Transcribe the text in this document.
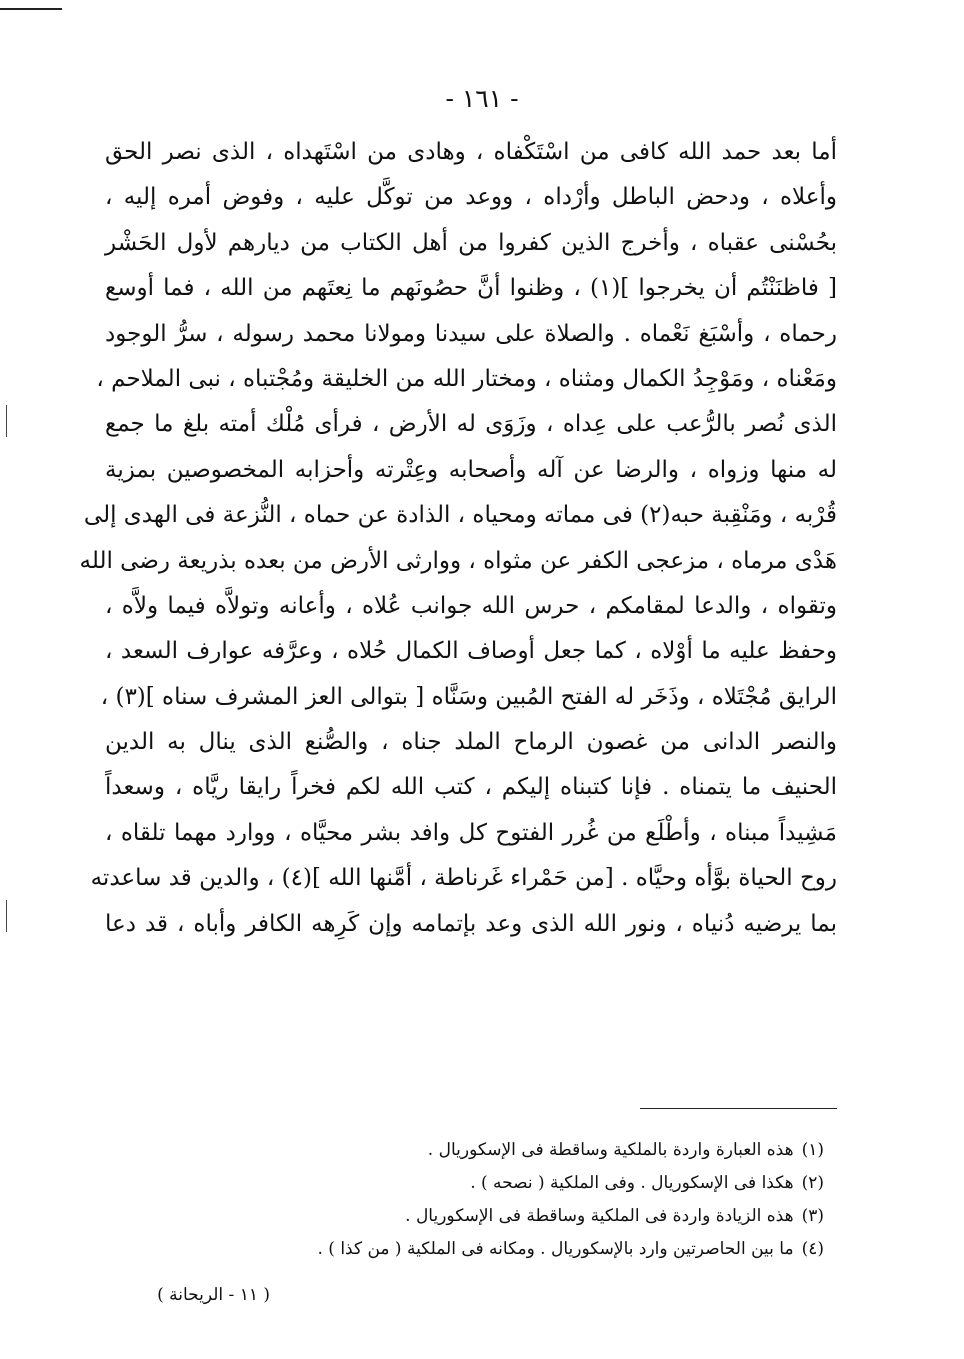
- ١٦١ -
أما بعد حمد الله كافى من اسْتَكْفاه ، وهادى من اسْتَهداه ، الذى نصر الحق
وأعلاه ، ودحض الباطل وأرْداه ، ووعد من توكَّل عليه ، وفوض أمره إليه ،
بحُسْنى عقباه ، وأخرج الذين كفروا من أهل الكتاب من ديارهم لأول الحَشْر
[ فاظنَنْتُم أن يخرجوا ](١) ، وظنوا أنَّ حصُونَهم ما نِعتَهم من الله ، فما أوسع
رحماه ، وأسْبَغ نَعْماه . والصلاة على سيدنا ومولانا محمد رسوله ، سرُّ الوجود
ومَعْناه ، ومَوْجِدُ الكمال ومثناه ، ومختار الله من الخليقة ومُجْتباه ، نبى الملاحم ،
الذى نُصر بالرُّعب على عِداه ، وزَوَى له الأرض ، فرأى مُلْك أمته بلغ ما جمع
له منها وزواه ، والرضا عن آله وأصحابه وعِتْرته وأحزابه المخصوصين بمزية
قُرْبه ، ومَنْقِبة حبه(٢) فى مماته ومحياه ، الذادة عن حماه ، النُّزعة فى الهدى إلى
هَدْى مرماه ، مزعجى الكفر عن مثواه ، ووارثى الأرض من بعده بذريعة رضى الله
وتقواه ، والدعا لمقامكم ، حرس الله جوانب عُلاه ، وأعانه وتولاَّه فيما ولاَّه ،
وحفظ عليه ما أوْلاه ، كما جعل أوصاف الكمال حُلاه ، وعرَّفه عوارف السعد ،
الرايق مُجْتَلاه ، وذَخَر له الفتح المُبين وسَنَّاه [ بتوالى العز المشرف سناه ](٣) ،
والنصر الدانى من غصون الرماح الملد جناه ، والصُّنع الذى ينال به الدين
الحنيف ما يتمناه . فإنا كتبناه إليكم ، كتب الله لكم فخراً رايقا ريَّاه ، وسعداً
مَشِيداً مبناه ، وأطْلَع من غُرر الفتوح كل وافد بشر محيَّاه ، ووارد مهما تلقاه ،
روح الحياة بوَّأه وحيَّاه . [من حَمْراء غَرناطة ، أمَّنها الله ](٤) ، والدين قد ساعدته
بما يرضيه دُنياه ، ونور الله الذى وعد بإتمامه وإن كَرِهه الكافر وأباه ، قد دعا
(١)هذه العبارة واردة بالملكية وساقطة فى الإسكوريال .
(٢)هكذا فى الإسكوريال . وفى الملكية ( نصحه ) .
(٣)هذه الزيادة واردة فى الملكية وساقطة فى الإسكوريال .
(٤)ما بين الحاصرتين وارد بالإسكوريال . ومكانه فى الملكية ( من كذا ) .
( ١١ - الريحانة )
